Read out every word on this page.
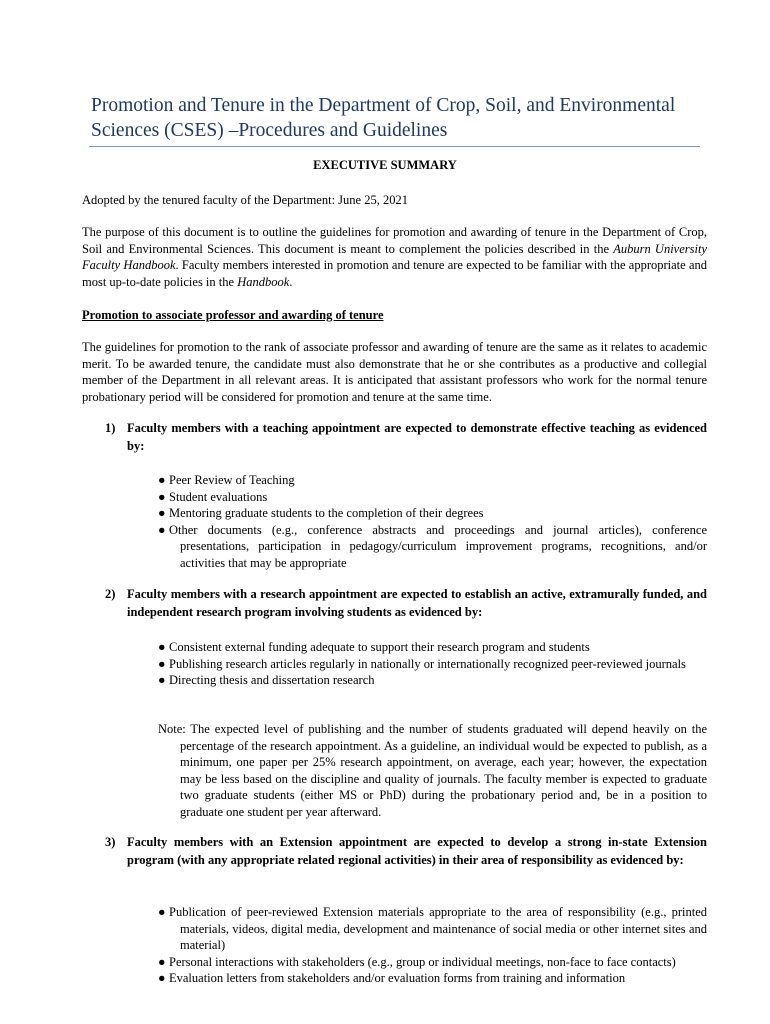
Promotion and Tenure in the Department of Crop, Soil, and Environmental Sciences (CSES) –Procedures and Guidelines
EXECUTIVE SUMMARY

Adopted by the tenured faculty of the Department: June 25, 2021

The purpose of this document is to outline the guidelines for promotion and awarding of tenure in the Department of Crop, Soil and Environmental Sciences. This document is meant to complement the policies described in the Auburn University Faculty Handbook. Faculty members interested in promotion and tenure are expected to be familiar with the appropriate and most up-to-date policies in the Handbook.

Promotion to associate professor and awarding of tenure

The guidelines for promotion to the rank of associate professor and awarding of tenure are the same as it relates to academic merit. To be awarded tenure, the candidate must also demonstrate that he or she contributes as a productive and collegial member of the Department in all relevant areas. It is anticipated that assistant professors who work for the normal tenure probationary period will be considered for promotion and tenure at the same time.

1) Faculty members with a teaching appointment are expected to demonstrate effective teaching as evidenced by:
● Peer Review of Teaching
● Student evaluations
● Mentoring graduate students to the completion of their degrees
● Other documents (e.g., conference abstracts and proceedings and journal articles), conference presentations, participation in pedagogy/curriculum improvement programs, recognitions, and/or activities that may be appropriate
2) Faculty members with a research appointment are expected to establish an active, extramurally funded, and independent research program involving students as evidenced by:
● Consistent external funding adequate to support their research program and students
● Publishing research articles regularly in nationally or internationally recognized peer-reviewed journals
● Directing thesis and dissertation research
Note: The expected level of publishing and the number of students graduated will depend heavily on the percentage of the research appointment. As a guideline, an individual would be expected to publish, as a minimum, one paper per 25% research appointment, on average, each year; however, the expectation may be less based on the discipline and quality of journals. The faculty member is expected to graduate two graduate students (either MS or PhD) during the probationary period and, be in a position to graduate one student per year afterward.
3) Faculty members with an Extension appointment are expected to develop a strong in-state Extension program (with any appropriate related regional activities) in their area of responsibility as evidenced by:
● Publication of peer-reviewed Extension materials appropriate to the area of responsibility (e.g., printed materials, videos, digital media, development and maintenance of social media or other internet sites and material)
● Personal interactions with stakeholders (e.g., group or individual meetings, non-face to face contacts)
● Evaluation letters from stakeholders and/or evaluation forms from training and information
